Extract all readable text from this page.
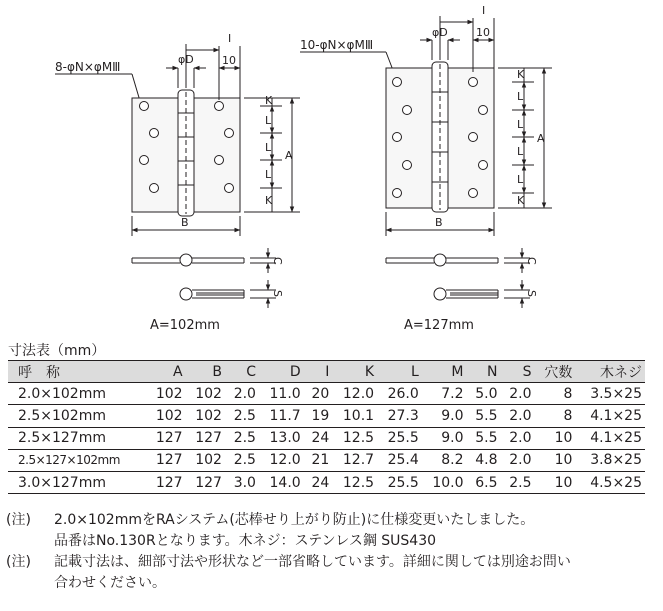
8-φN×φMⅢ
φD
I
10
K
L
L
L
K
A
B
C
S
A=102mm
10-φN×φMⅢ
φD
I
10
K
L
L
L
L
K
A
B
C
S
A=127mm
寸法表（mm）
呼称	A	B	C	D	I	K	L	M	N	S	穴数	木ネジ
2.0×102mm	102	102	2.0	11.0	20	12.0	26.0	7.2	5.0	2.0	8	3.5×25
2.5×102mm	102	102	2.5	11.7	19	10.1	27.3	9.0	5.5	2.0	8	4.1×25
2.5×127mm	127	127	2.5	13.0	24	12.5	25.5	9.0	5.5	2.0	10	4.1×25
2.5×127×102mm	127	102	2.5	12.0	21	12.7	25.4	8.2	4.8	2.0	10	3.8×25
3.0×127mm	127	127	3.0	14.0	24	12.5	25.5	10.0	6.5	2.5	10	4.5×25
(注)	2.0×102mmをRAシステム(芯棒せり上がり防止)に仕様変更いたしました。
品番はNo.130Rとなります。木ネジ：ステンレス鋼 SUS430
(注)	記載寸法は、細部寸法や形状など一部省略しています。詳細に関しては別途お問い
合わせください。
